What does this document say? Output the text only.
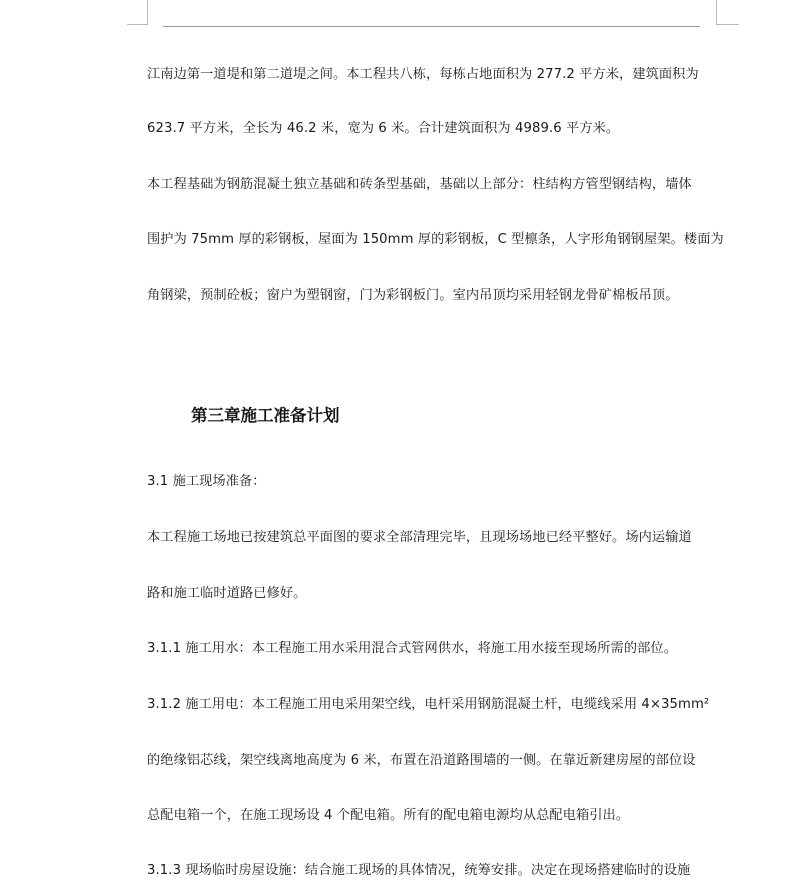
江南边第一道堤和第二道堤之间。本工程共八栋，每栋占地面积为 277.2 平方米，建筑面积为
623.7 平方米，全长为 46.2 米，宽为 6 米。合计建筑面积为 4989.6 平方米。
本工程基础为钢筋混凝土独立基础和砖条型基础，基础以上部分：柱结构方管型钢结构，墙体
围护为 75mm 厚的彩钢板，屋面为 150mm 厚的彩钢板，C 型檩条，人字形角钢钢屋架。楼面为
角钢梁，预制砼板；窗户为塑钢窗，门为彩钢板门。室内吊顶均采用轻钢龙骨矿棉板吊顶。
第三章施工准备计划
3.1 施工现场准备：
本工程施工场地已按建筑总平面图的要求全部清理完毕，且现场场地已经平整好。场内运输道
路和施工临时道路已修好。
3.1.1 施工用水：本工程施工用水采用混合式管网供水，将施工用水接至现场所需的部位。
3.1.2 施工用电：本工程施工用电采用架空线，电杆采用钢筋混凝土杆，电缆线采用 4×35mm²
的绝缘铝芯线，架空线离地高度为 6 米，布置在沿道路围墙的一侧。在靠近新建房屋的部位设
总配电箱一个，在施工现场设 4 个配电箱。所有的配电箱电源均从总配电箱引出。
3.1.3 现场临时房屋设施：结合施工现场的具体情况，统筹安排。决定在现场搭建临时的设施
